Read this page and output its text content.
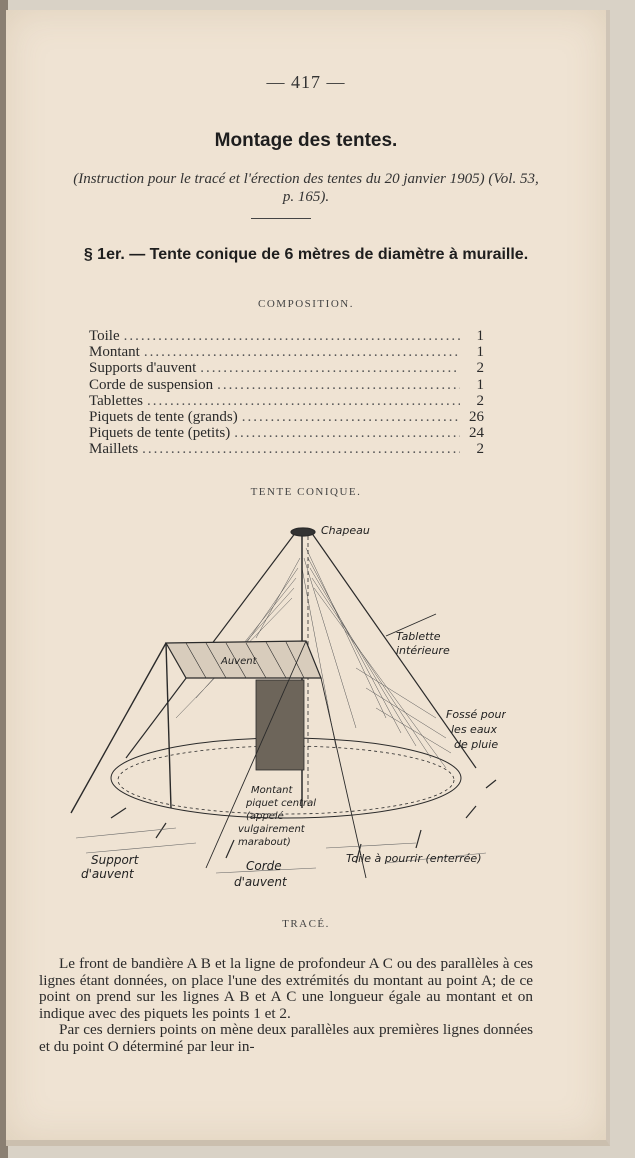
— 417 —
Montage des tentes.
(Instruction pour le tracé et l'érection des tentes du 20 janvier 1905) (Vol. 53, p. 165).
§ 1er. — Tente conique de 6 mètres de diamètre à muraille.
COMPOSITION.
Toile .....	1
Montant .....	1
Supports d'auvent .....	2
Corde de suspension .....	1
Tablettes .....	2
Piquets de tente (grands) .....	26
Piquets de tente (petits) .....	24
Maillets .....	2
TENTE CONIQUE.
Chapeau
Tablette
intérieure
Auvent
Fossé pour
les eaux
de pluie
Montant
piquet central
(appelé
vulgairement
marabout)
Support
d'auvent
Corde
d'auvent
Toile à pourrir (enterrée)
TRACÉ.

Le front de bandière A B et la ligne de profondeur A C ou des parallèles à ces lignes étant données, on place l'une des extrémités du montant au point A; de ce point on prend sur les lignes A B et A C une longueur égale au montant et on indique avec des piquets les points 1 et 2.

Par ces derniers points on mène deux parallèles aux premières lignes données et du point O déterminé par leur in-
